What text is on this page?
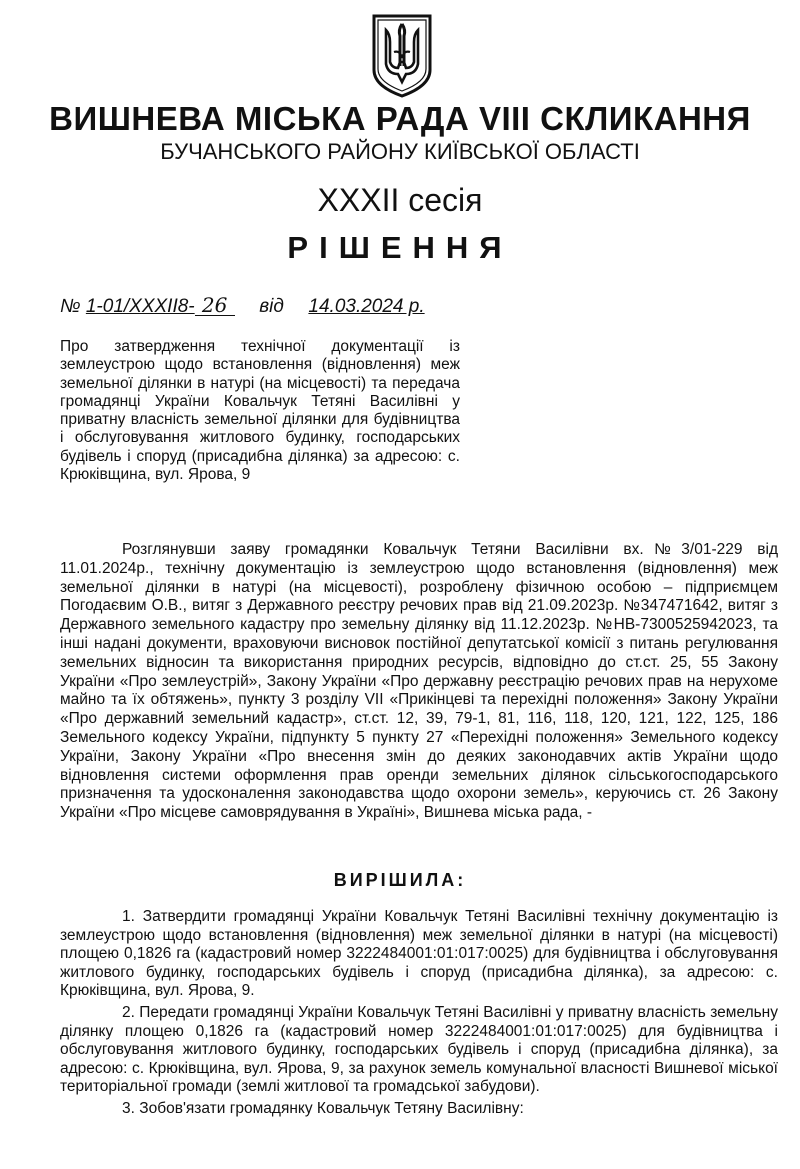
ВИШНЕВА МІСЬКА РАДА VIII СКЛИКАННЯ
БУЧАНСЬКОГО РАЙОНУ КИЇВСЬКОЇ ОБЛАСТІ
XXXII сесія
РІШЕННЯ
№ 1-01/XXXII8- 26 від 14.03.2024 р.
Про затвердження технічної документації із землеустрою щодо встановлення (відновлення) меж земельної ділянки в натурі (на місцевості) та передача громадянці України Ковальчук Тетяні Василівні у приватну власність земельної ділянки для будівництва і обслуговування житлового будинку, господарських будівель і споруд (присадибна ділянка) за адресою: с. Крюківщина, вул. Ярова, 9

Розглянувши заяву громадянки Ковальчук Тетяни Василівни вх.№3/01-229 від 11.01.2024р., технічну документацію із землеустрою щодо встановлення (відновлення) меж земельної ділянки в натурі (на місцевості), розроблену фізичною особою – підприємцем Погодаєвим О.В., витяг з Державного реєстру речових прав від 21.09.2023р. №347471642, витяг з Державного земельного кадастру про земельну ділянку від 11.12.2023р. №НВ-7300525942023, та інші надані документи, враховуючи висновок постійної депутатської комісії з питань регулювання земельних відносин та використання природних ресурсів, відповідно до ст.ст. 25, 55 Закону України «Про землеустрій», Закону України «Про державну реєстрацію речових прав на нерухоме майно та їх обтяжень», пункту 3 розділу VII «Прикінцеві та перехідні положення» Закону України «Про державний земельний кадастр», ст.ст. 12, 39, 79-1, 81, 116, 118, 120, 121, 122, 125, 186 Земельного кодексу України, підпункту 5 пункту 27 «Перехідні положення» Земельного кодексу України, Закону України «Про внесення змін до деяких законодавчих актів України щодо відновлення системи оформлення прав оренди земельних ділянок сільськогосподарського призначення та удосконалення законодавства щодо охорони земель», керуючись ст. 26 Закону України «Про місцеве самоврядування в Україні», Вишнева міська рада, -

ВИРІШИЛА:

1. Затвердити громадянці України Ковальчук Тетяні Василівні технічну документацію із землеустрою щодо встановлення (відновлення) меж земельної ділянки в натурі (на місцевості) площею 0,1826 га (кадастровий номер 3222484001:01:017:0025) для будівництва і обслуговування житлового будинку, господарських будівель і споруд (присадибна ділянка), за адресою: с. Крюківщина, вул. Ярова, 9.

2. Передати громадянці України Ковальчук Тетяні Василівні у приватну власність земельну ділянку площею 0,1826 га (кадастровий номер 3222484001:01:017:0025) для будівництва і обслуговування житлового будинку, господарських будівель і споруд (присадибна ділянка), за адресою: с. Крюківщина, вул. Ярова, 9, за рахунок земель комунальної власності Вишневої міської територіальної громади (землі житлової та громадської забудови).

3. Зобов'язати громадянку Ковальчук Тетяну Василівну:
